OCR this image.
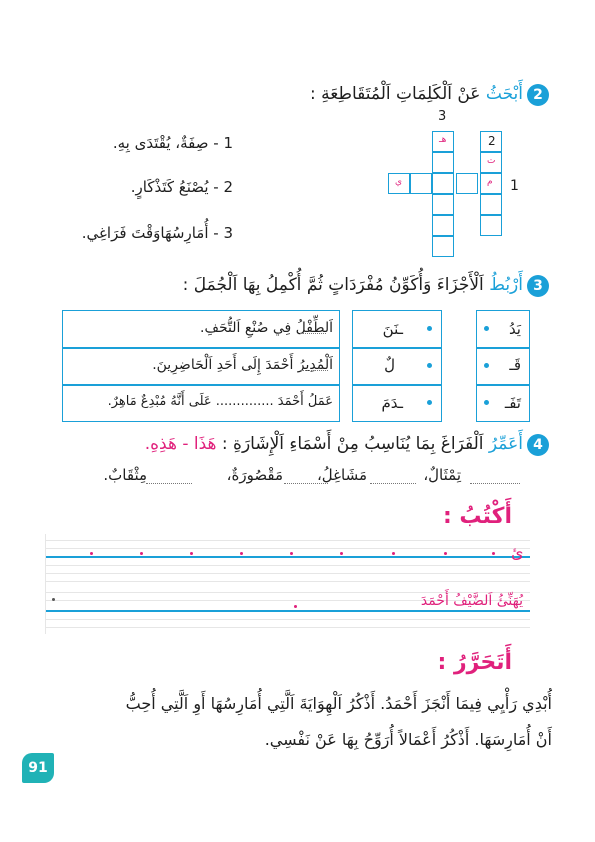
2
أَبْحَثُ عَنْ اَلْكَلِمَاتِ اَلْمُتَقَاطِعَةِ :
1 - صِفَةٌ، يُقْتَدَى بِهِ.
2 - يُصْنَعُ كَتَذْكَارٍ.
3 - أُمَارِسُهَاوَقْتَ فَرَاغِي.
3
1
هـ	2
ت
م
ي
3
أَرْبُطُ اَلْأَجْزَاءَ وَأُكَوِّنُ مُفْرَدَاتٍ ثُمَّ أُكْمِلُ بِهَا اَلْجُمَلَ :
يَدُ
قَـ
تَفَـ
ـنَنَ
لٌ
ـدَمَ
اَلطِّفْلُ فِي صُنْعِ اَلتُّحَفِ.
اَلْمُدِيرُ أَحْمَدَ إِلَى أَحَدِ اَلْحَاضِرِينَ.
عَمَلُ أَحْمَدَ .............. عَلَى أَنَّهُ مُبْدِعٌ مَاهِرٌ.
4
أَعَمِّرُ اَلْفَرَاغَ بِمَا يُنَاسِبُ مِنْ أَسْمَاءِ اَلْإِشَارَةِ : هَذَا - هَذِهِ.
تِمْثَالٌ،
مَشَاغِلُ،
مَقْصُورَةٌ،
مِثْقَابٌ.
أَكْتُبُ :
ئ
يُهَنِّئُ اَلضَّيْفُ أَحْمَدَ
أَتَحَرَّرُ :
أُبْدِي رَأْيِي فِيمَا أَنْجَزَ أَحْمَدُ. أَذْكُرُ اَلْهِوَايَةَ اَلَّتِي أُمَارِسُهَا أَوِ اَلَّتِي أُحِبُّ
أَنْ أُمَارِسَهَا. أَذْكُرُ أَعْمَالاً أُرَوِّحُ بِهَا عَنْ نَفْسِي.
91
